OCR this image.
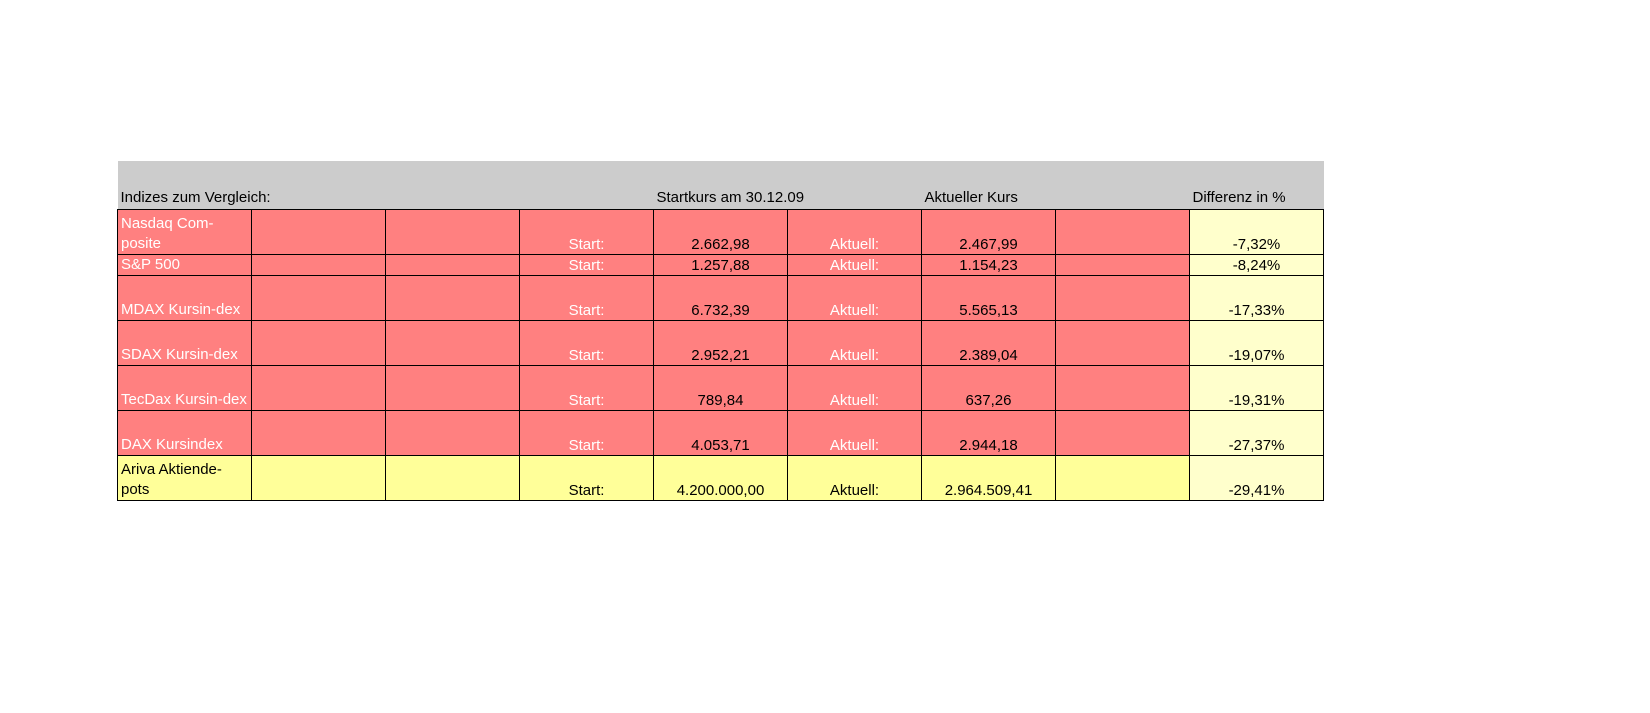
Indizes zum Vergleich:				Startkurs am 30.12.09		Aktueller Kurs		Differenz in %
Nasdaq Com-posite			Start:	2.662,98	Aktuell:	2.467,99		-7,32%
S&P 500			Start:	1.257,88	Aktuell:	1.154,23		-8,24%
MDAX Kursin-dex			Start:	6.732,39	Aktuell:	5.565,13		-17,33%
SDAX Kursin-dex			Start:	2.952,21	Aktuell:	2.389,04		-19,07%
TecDax Kursin-dex			Start:	789,84	Aktuell:	637,26		-19,31%
DAX Kursindex			Start:	4.053,71	Aktuell:	2.944,18		-27,37%
Ariva Aktiende-pots			Start:	4.200.000,00	Aktuell:	2.964.509,41		-29,41%
